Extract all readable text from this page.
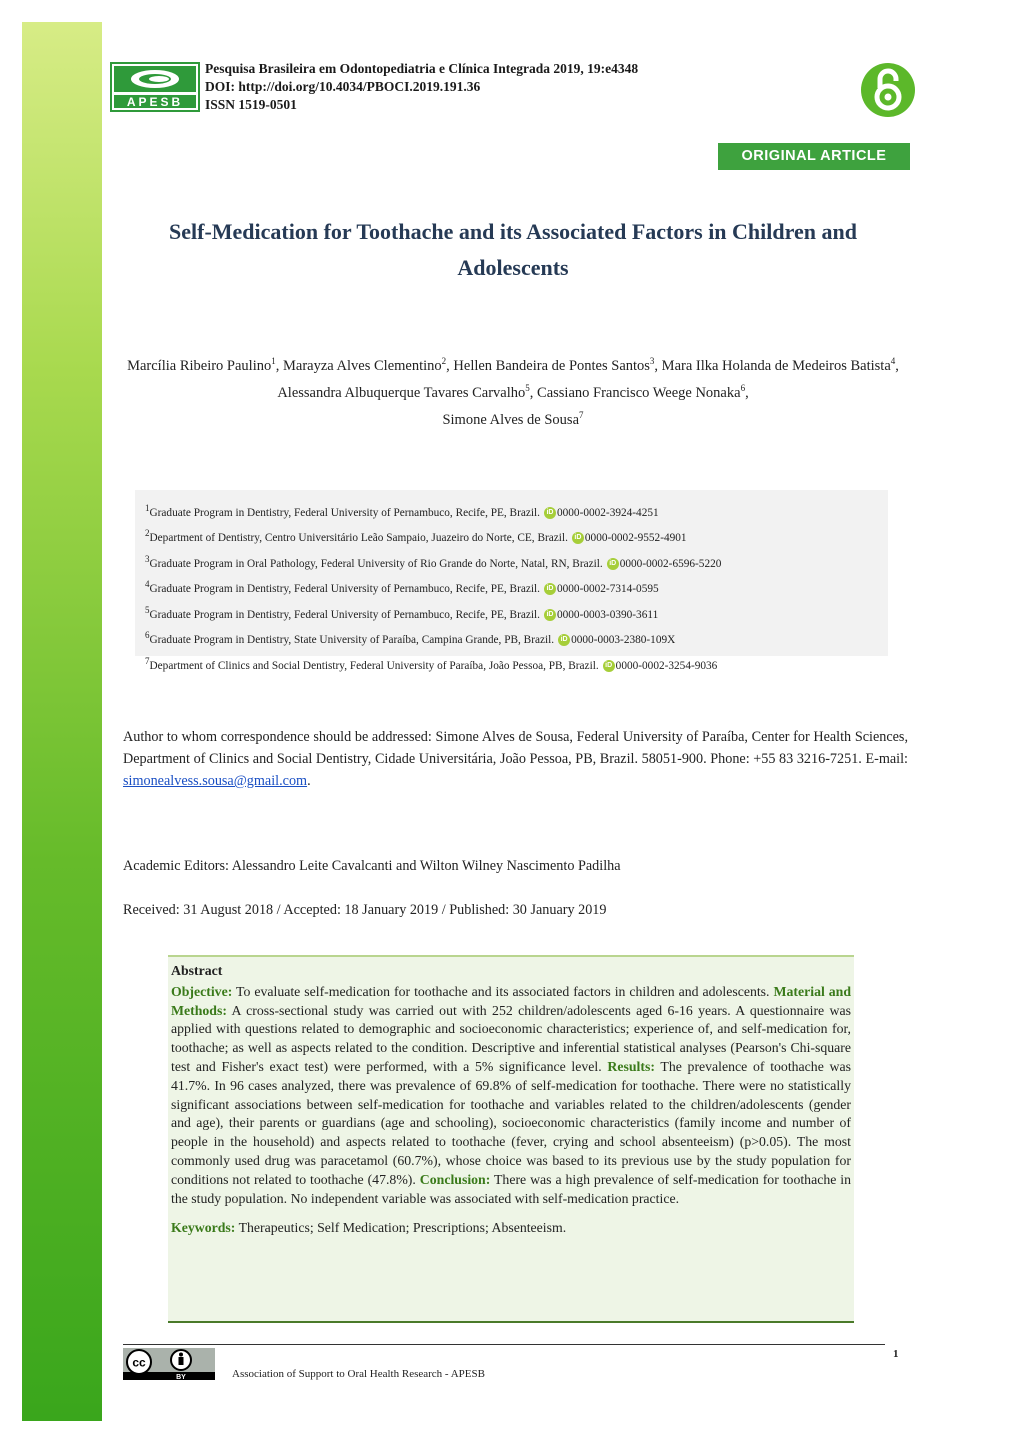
APESB
Pesquisa Brasileira em Odontopediatria e Clínica Integrada 2019, 19:e4348
DOI: http://doi.org/10.4034/PBOCI.2019.191.36
ISSN 1519-0501
ORIGINAL ARTICLE
Self-Medication for Toothache and its Associated Factors in Children and Adolescents
Marcília Ribeiro Paulino$^1$, Marayza Alves Clementino$^2$, Hellen Bandeira de Pontes Santos$^3$, Mara Ilka Holanda de Medeiros Batista$^4$, Alessandra Albuquerque Tavares Carvalho$^5$, Cassiano Francisco Weege Nonaka$^6$,
Simone Alves de Sousa$^7$
$^1$Graduate Program in Dentistry, Federal University of Pernambuco, Recife, PE, Brazil. iD 0000-0002-3924-4251
$^2$Department of Dentistry, Centro Universitário Leão Sampaio, Juazeiro do Norte, CE, Brazil. iD 0000-0002-9552-4901
$^3$Graduate Program in Oral Pathology, Federal University of Rio Grande do Norte, Natal, RN, Brazil. iD 0000-0002-6596-5220
$^4$Graduate Program in Dentistry, Federal University of Pernambuco, Recife, PE, Brazil. iD 0000-0002-7314-0595
$^5$Graduate Program in Dentistry, Federal University of Pernambuco, Recife, PE, Brazil. iD 0000-0003-0390-3611
$^6$Graduate Program in Dentistry, State University of Paraíba, Campina Grande, PB, Brazil. iD 0000-0003-2380-109X
$^7$Department of Clinics and Social Dentistry, Federal University of Paraíba, João Pessoa, PB, Brazil. iD 0000-0002-3254-9036
Author to whom correspondence should be addressed: Simone Alves de Sousa, Federal University of Paraíba, Center for Health Sciences, Department of Clinics and Social Dentistry, Cidade Universitária, João Pessoa, PB, Brazil. 58051-900. Phone: +55 83 3216-7251. E-mail: simonealvess.sousa@gmail.com.
Academic Editors: Alessandro Leite Cavalcanti and Wilton Wilney Nascimento Padilha
Received: 31 August 2018 / Accepted: 18 January 2019 / Published: 30 January 2019
Abstract
Objective: To evaluate self-medication for toothache and its associated factors in children and adolescents. Material and Methods: A cross-sectional study was carried out with 252 children/adolescents aged 6-16 years. A questionnaire was applied with questions related to demographic and socioeconomic characteristics; experience of, and self-medication for, toothache; as well as aspects related to the condition. Descriptive and inferential statistical analyses (Pearson's Chi-square test and Fisher's exact test) were performed, with a 5% significance level. Results: The prevalence of toothache was 41.7%. In 96 cases analyzed, there was prevalence of 69.8% of self-medication for toothache. There were no statistically significant associations between self-medication for toothache and variables related to the children/adolescents (gender and age), their parents or guardians (age and schooling), socioeconomic characteristics (family income and number of people in the household) and aspects related to toothache (fever, crying and school absenteeism) (p>0.05). The most commonly used drug was paracetamol (60.7%), whose choice was based to its previous use by the study population for conditions not related to toothache (47.8%). Conclusion: There was a high prevalence of self-medication for toothache in the study population. No independent variable was associated with self-medication practice.
Keywords: Therapeutics; Self Medication; Prescriptions; Absenteeism.
1
cc
BY	Association of Support to Oral Health Research - APESB
